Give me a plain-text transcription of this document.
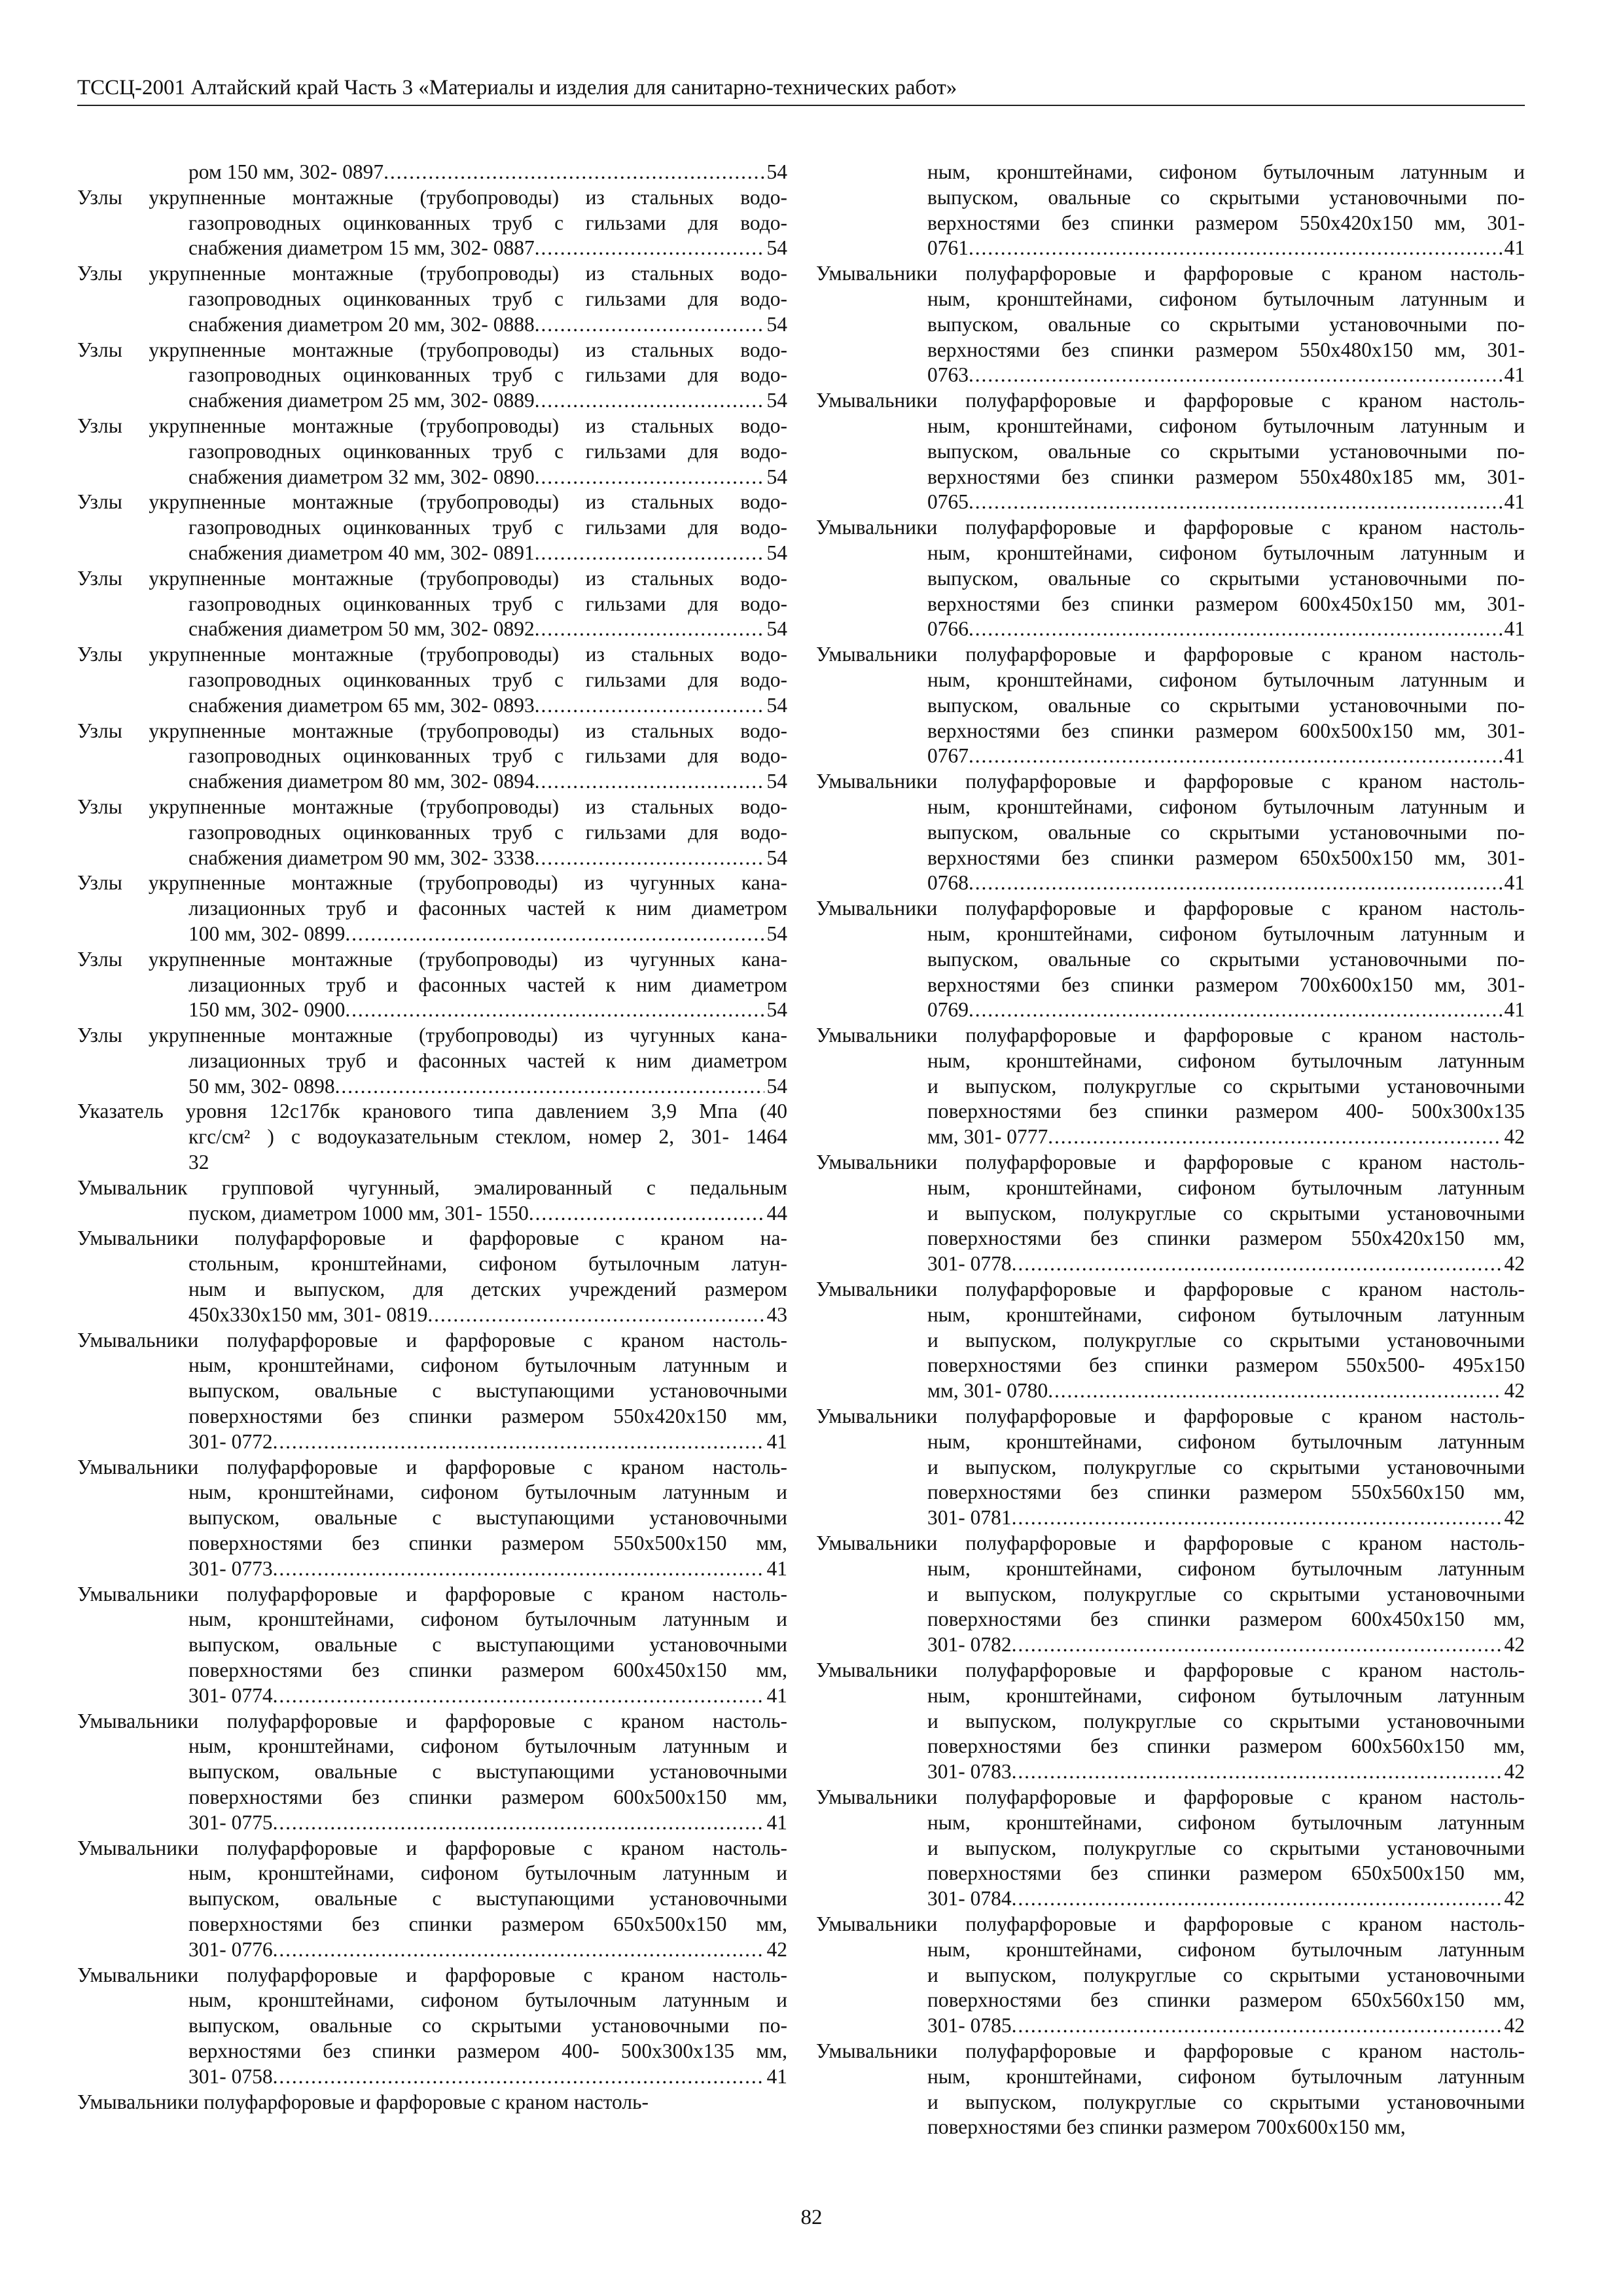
ТССЦ-2001 Алтайский край Часть 3 «Материалы и изделия для санитарно-технических работ»
ром 150 мм, 302- 0897 . . .	54
Узлы укрупненные монтажные (трубопроводы) из стальных водо-
газопроводных оцинкованных труб с гильзами для водо-
снабжения диаметром 15 мм, 302- 0887 . . .	54
Узлы укрупненные монтажные (трубопроводы) из стальных водо-
газопроводных оцинкованных труб с гильзами для водо-
снабжения диаметром 20 мм, 302- 0888 . . .	54
Узлы укрупненные монтажные (трубопроводы) из стальных водо-
газопроводных оцинкованных труб с гильзами для водо-
снабжения диаметром 25 мм, 302- 0889 . . .	54
Узлы укрупненные монтажные (трубопроводы) из стальных водо-
газопроводных оцинкованных труб с гильзами для водо-
снабжения диаметром 32 мм, 302- 0890 . . .	54
Узлы укрупненные монтажные (трубопроводы) из стальных водо-
газопроводных оцинкованных труб с гильзами для водо-
снабжения диаметром 40 мм, 302- 0891 . . .	54
Узлы укрупненные монтажные (трубопроводы) из стальных водо-
газопроводных оцинкованных труб с гильзами для водо-
снабжения диаметром 50 мм, 302- 0892 . . .	54
Узлы укрупненные монтажные (трубопроводы) из стальных водо-
газопроводных оцинкованных труб с гильзами для водо-
снабжения диаметром 65 мм, 302- 0893 . . .	54
Узлы укрупненные монтажные (трубопроводы) из стальных водо-
газопроводных оцинкованных труб с гильзами для водо-
снабжения диаметром 80 мм, 302- 0894 . . .	54
Узлы укрупненные монтажные (трубопроводы) из стальных водо-
газопроводных оцинкованных труб с гильзами для водо-
снабжения диаметром 90 мм, 302- 3338 . . .	54
Узлы укрупненные монтажные (трубопроводы) из чугунных кана-
лизационных труб и фасонных частей к ним диаметром
100 мм, 302- 0899 . . .	54
Узлы укрупненные монтажные (трубопроводы) из чугунных кана-
лизационных труб и фасонных частей к ним диаметром
150 мм, 302- 0900 . . .	54
Узлы укрупненные монтажные (трубопроводы) из чугунных кана-
лизационных труб и фасонных частей к ним диаметром
50 мм, 302- 0898 . . .	54
Указатель уровня 12с17бк кранового типа давлением 3,9 Мпа (40
кгс/см² ) с водоуказательным стеклом, номер 2, 301- 1464
32
Умывальник групповой чугунный, эмалированный с педальным
пуском, диаметром 1000 мм, 301- 1550 . . .	44
Умывальники полуфарфоровые и фарфоровые с краном на-
стольным, кронштейнами, сифоном бутылочным латун-
ным и выпуском, для детских учреждений размером
450х330х150 мм, 301- 0819 . . .	43
Умывальники полуфарфоровые и фарфоровые с краном настоль-
ным, кронштейнами, сифоном бутылочным латунным и
выпуском, овальные с выступающими установочными
поверхностями без спинки размером 550х420х150 мм,
301- 0772 . . .	41
Умывальники полуфарфоровые и фарфоровые с краном настоль-
ным, кронштейнами, сифоном бутылочным латунным и
выпуском, овальные с выступающими установочными
поверхностями без спинки размером 550х500х150 мм,
301- 0773 . . .	41
Умывальники полуфарфоровые и фарфоровые с краном настоль-
ным, кронштейнами, сифоном бутылочным латунным и
выпуском, овальные с выступающими установочными
поверхностями без спинки размером 600х450х150 мм,
301- 0774 . . .	41
Умывальники полуфарфоровые и фарфоровые с краном настоль-
ным, кронштейнами, сифоном бутылочным латунным и
выпуском, овальные с выступающими установочными
поверхностями без спинки размером 600х500х150 мм,
301- 0775 . . .	41
Умывальники полуфарфоровые и фарфоровые с краном настоль-
ным, кронштейнами, сифоном бутылочным латунным и
выпуском, овальные с выступающими установочными
поверхностями без спинки размером 650х500х150 мм,
301- 0776 . . .	42
Умывальники полуфарфоровые и фарфоровые с краном настоль-
ным, кронштейнами, сифоном бутылочным латунным и
выпуском, овальные со скрытыми установочными по-
верхностями без спинки размером 400- 500х300х135 мм,
301- 0758 . . .	41
Умывальники полуфарфоровые и фарфоровые с краном настоль-
ным, кронштейнами, сифоном бутылочным латунным и
выпуском, овальные со скрытыми установочными по-
верхностями без спинки размером 550х420х150 мм, 301-
0761 . . .	41
Умывальники полуфарфоровые и фарфоровые с краном настоль-
ным, кронштейнами, сифоном бутылочным латунным и
выпуском, овальные со скрытыми установочными по-
верхностями без спинки размером 550х480х150 мм, 301-
0763 . . .	41
Умывальники полуфарфоровые и фарфоровые с краном настоль-
ным, кронштейнами, сифоном бутылочным латунным и
выпуском, овальные со скрытыми установочными по-
верхностями без спинки размером 550х480х185 мм, 301-
0765 . . .	41
Умывальники полуфарфоровые и фарфоровые с краном настоль-
ным, кронштейнами, сифоном бутылочным латунным и
выпуском, овальные со скрытыми установочными по-
верхностями без спинки размером 600х450х150 мм, 301-
0766 . . .	41
Умывальники полуфарфоровые и фарфоровые с краном настоль-
ным, кронштейнами, сифоном бутылочным латунным и
выпуском, овальные со скрытыми установочными по-
верхностями без спинки размером 600х500х150 мм, 301-
0767 . . .	41
Умывальники полуфарфоровые и фарфоровые с краном настоль-
ным, кронштейнами, сифоном бутылочным латунным и
выпуском, овальные со скрытыми установочными по-
верхностями без спинки размером 650х500х150 мм, 301-
0768 . . .	41
Умывальники полуфарфоровые и фарфоровые с краном настоль-
ным, кронштейнами, сифоном бутылочным латунным и
выпуском, овальные со скрытыми установочными по-
верхностями без спинки размером 700х600х150 мм, 301-
0769 . . .	41
Умывальники полуфарфоровые и фарфоровые с краном настоль-
ным, кронштейнами, сифоном бутылочным латунным
и выпуском, полукруглые со скрытыми установочными
поверхностями без спинки размером 400- 500х300х135
мм, 301- 0777 . . .	42
Умывальники полуфарфоровые и фарфоровые с краном настоль-
ным, кронштейнами, сифоном бутылочным латунным
и выпуском, полукруглые со скрытыми установочными
поверхностями без спинки размером 550х420х150 мм,
301- 0778 . . .	42
Умывальники полуфарфоровые и фарфоровые с краном настоль-
ным, кронштейнами, сифоном бутылочным латунным
и выпуском, полукруглые со скрытыми установочными
поверхностями без спинки размером 550х500- 495х150
мм, 301- 0780 . . .	42
Умывальники полуфарфоровые и фарфоровые с краном настоль-
ным, кронштейнами, сифоном бутылочным латунным
и выпуском, полукруглые со скрытыми установочными
поверхностями без спинки размером 550х560х150 мм,
301- 0781 . . .	42
Умывальники полуфарфоровые и фарфоровые с краном настоль-
ным, кронштейнами, сифоном бутылочным латунным
и выпуском, полукруглые со скрытыми установочными
поверхностями без спинки размером 600х450х150 мм,
301- 0782 . . .	42
Умывальники полуфарфоровые и фарфоровые с краном настоль-
ным, кронштейнами, сифоном бутылочным латунным
и выпуском, полукруглые со скрытыми установочными
поверхностями без спинки размером 600х560х150 мм,
301- 0783 . . .	42
Умывальники полуфарфоровые и фарфоровые с краном настоль-
ным, кронштейнами, сифоном бутылочным латунным
и выпуском, полукруглые со скрытыми установочными
поверхностями без спинки размером 650х500х150 мм,
301- 0784 . . .	42
Умывальники полуфарфоровые и фарфоровые с краном настоль-
ным, кронштейнами, сифоном бутылочным латунным
и выпуском, полукруглые со скрытыми установочными
поверхностями без спинки размером 650х560х150 мм,
301- 0785 . . .	42
Умывальники полуфарфоровые и фарфоровые с краном настоль-
ным, кронштейнами, сифоном бутылочным латунным
и выпуском, полукруглые со скрытыми установочными
поверхностями без спинки размером 700х600х150 мм,
82
